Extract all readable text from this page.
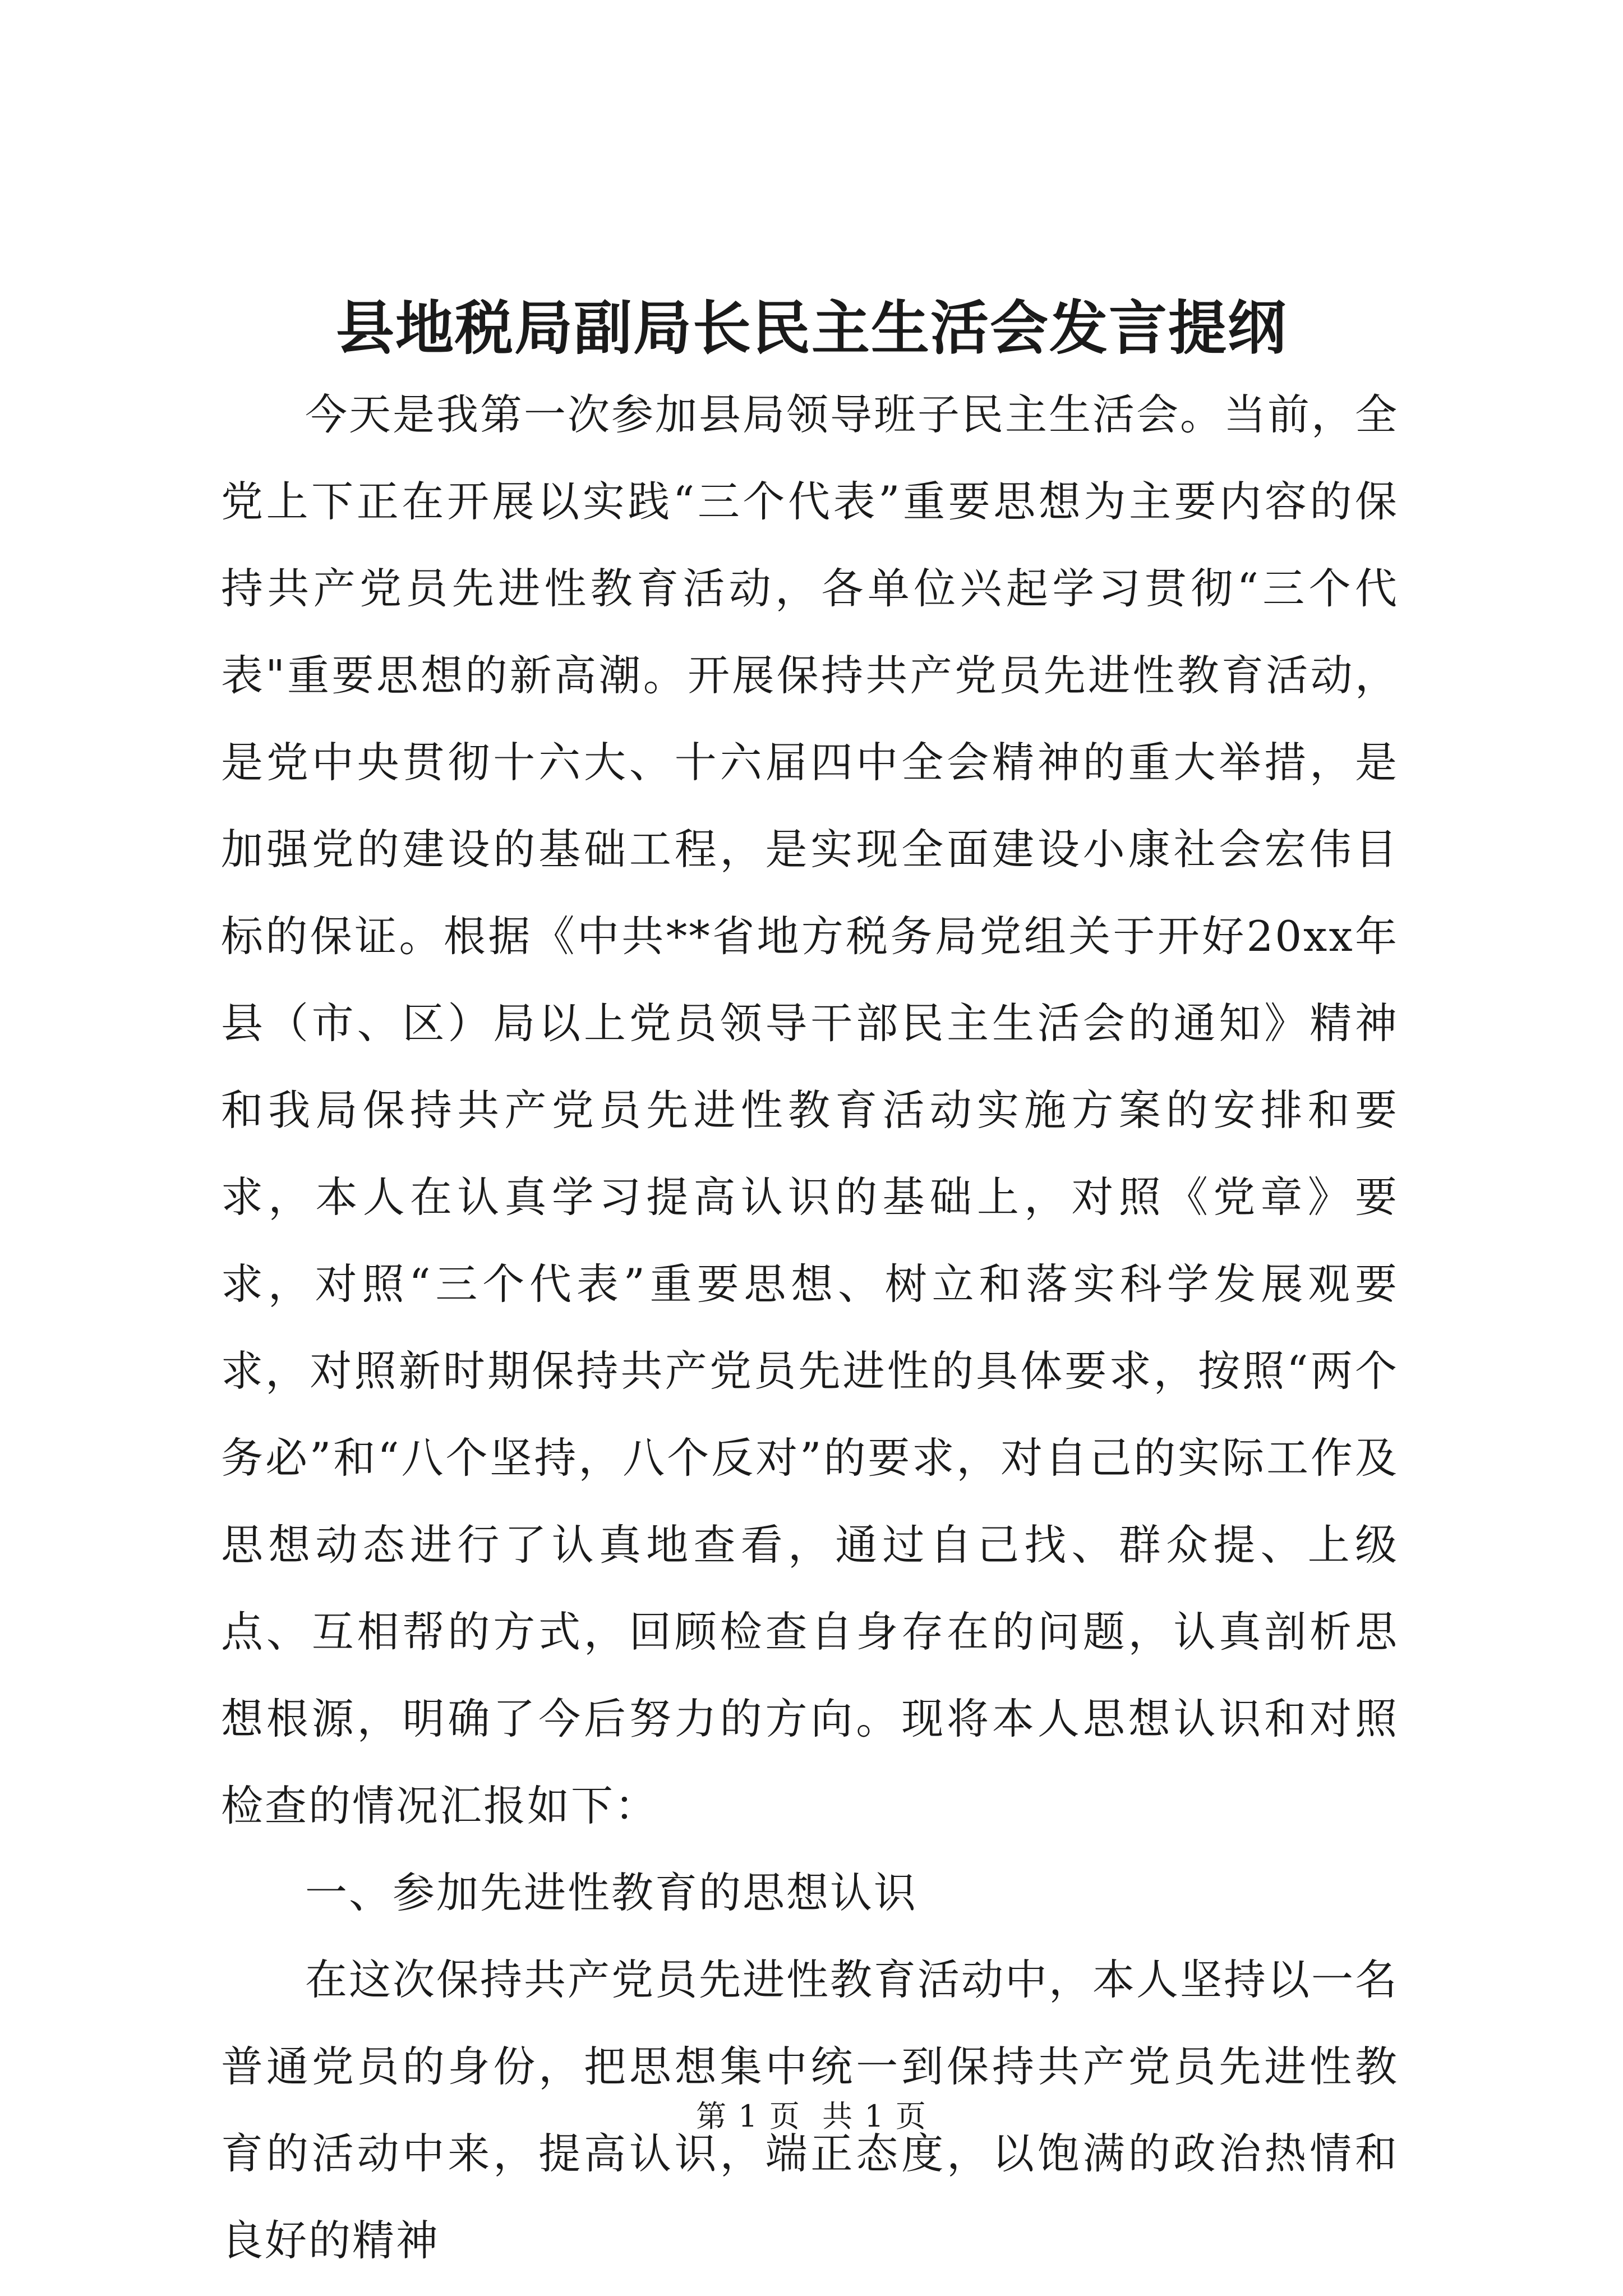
县地税局副局长民主生活会发言提纲

今天是我第一次参加县局领导班子民主生活会。当前，全党上下正在开展以实践“三个代表”重要思想为主要内容的保持共产党员先进性教育活动，各单位兴起学习贯彻“三个代表"重要思想的新高潮。开展保持共产党员先进性教育活动，是党中央贯彻十六大、十六届四中全会精神的重大举措，是加强党的建设的基础工程，是实现全面建设小康社会宏伟目标的保证。根据《中共**省地方税务局党组关于开好20xx年县（市、区）局以上党员领导干部民主生活会的通知》精神和我局保持共产党员先进性教育活动实施方案的安排和要求，本人在认真学习提高认识的基础上，对照《党章》要求，对照“三个代表”重要思想、树立和落实科学发展观要求，对照新时期保持共产党员先进性的具体要求，按照“两个务必”和“八个坚持，八个反对”的要求，对自己的实际工作及思想动态进行了认真地查看，通过自己找、群众提、上级点、互相帮的方式，回顾检查自身存在的问题，认真剖析思想根源，明确了今后努力的方向。现将本人思想认识和对照检查的情况汇报如下：

一、参加先进性教育的思想认识

在这次保持共产党员先进性教育活动中，本人坚持以一名普通党员的身份，把思想集中统一到保持共产党员先进性教育的活动中来，提高认识，端正态度，以饱满的政治热情和良好的精神

第 1 页  共 1 页
